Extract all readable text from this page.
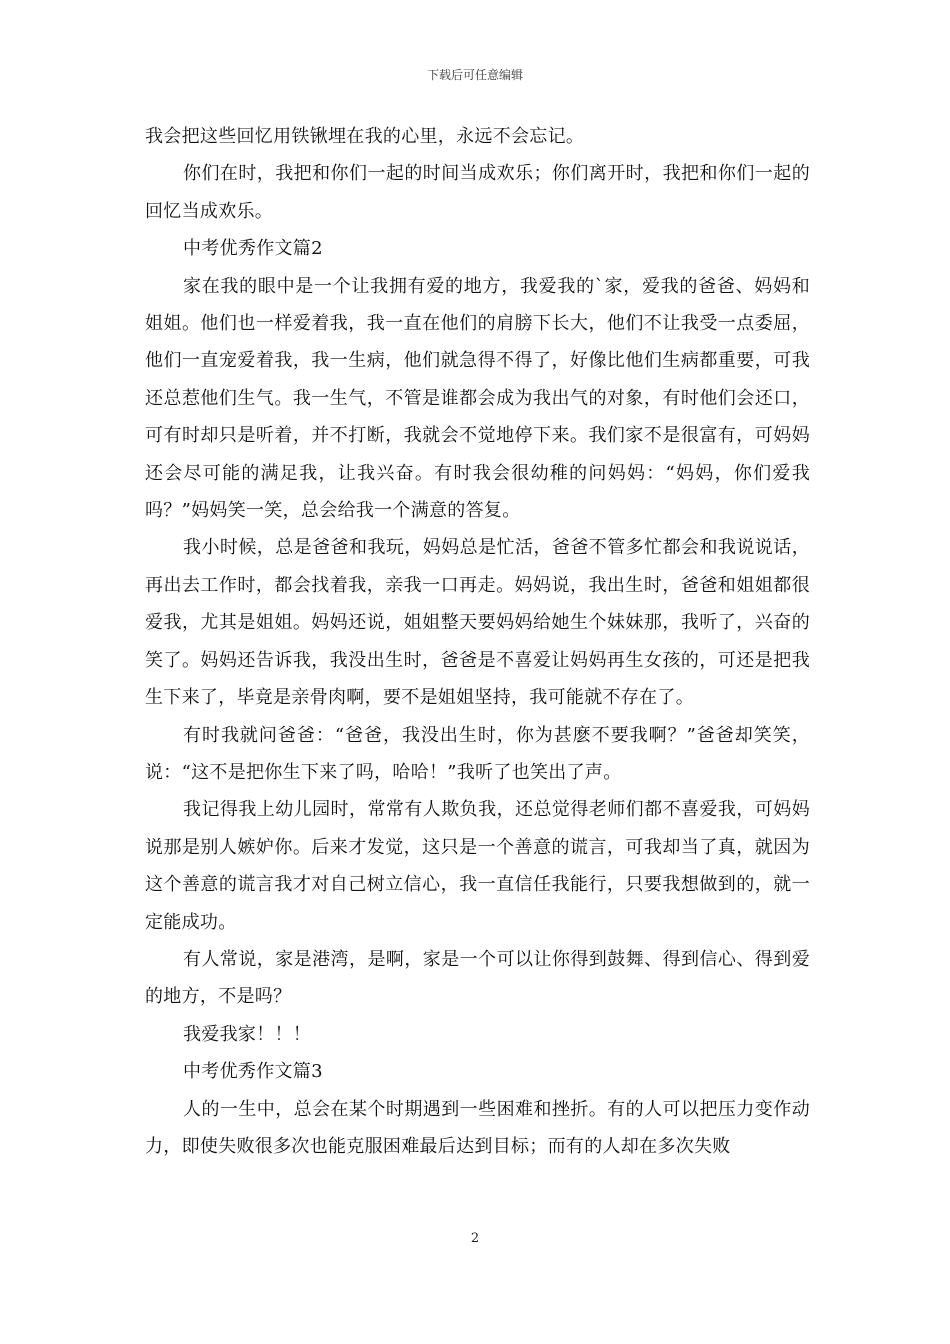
下载后可任意编辑

我会把这些回忆用铁锹埋在我的心里，永远不会忘记。

你们在时，我把和你们一起的时间当成欢乐；你们离开时，我把和你们一起的回忆当成欢乐。

中考优秀作文篇2

家在我的眼中是一个让我拥有爱的地方，我爱我的`家，爱我的爸爸、妈妈和姐姐。他们也一样爱着我，我一直在他们的肩膀下长大，他们不让我受一点委屈，他们一直宠爱着我，我一生病，他们就急得不得了，好像比他们生病都重要，可我还总惹他们生气。我一生气，不管是谁都会成为我出气的对象，有时他们会还口，可有时却只是听着，并不打断，我就会不觉地停下来。我们家不是很富有，可妈妈还会尽可能的满足我，让我兴奋。有时我会很幼稚的问妈妈：“妈妈，你们爱我吗？”妈妈笑一笑，总会给我一个满意的答复。

我小时候，总是爸爸和我玩，妈妈总是忙活，爸爸不管多忙都会和我说说话，再出去工作时，都会找着我，亲我一口再走。妈妈说，我出生时，爸爸和姐姐都很爱我，尤其是姐姐。妈妈还说，姐姐整天要妈妈给她生个妹妹那，我听了，兴奋的笑了。妈妈还告诉我，我没出生时，爸爸是不喜爱让妈妈再生女孩的，可还是把我生下来了，毕竟是亲骨肉啊，要不是姐姐坚持，我可能就不存在了。

有时我就问爸爸：“爸爸，我没出生时，你为甚麽不要我啊？”爸爸却笑笑，说：“这不是把你生下来了吗，哈哈！”我听了也笑出了声。

我记得我上幼儿园时，常常有人欺负我，还总觉得老师们都不喜爱我，可妈妈说那是别人嫉妒你。后来才发觉，这只是一个善意的谎言，可我却当了真，就因为这个善意的谎言我才对自己树立信心，我一直信任我能行，只要我想做到的，就一定能成功。

有人常说，家是港湾，是啊，家是一个可以让你得到鼓舞、得到信心、得到爱的地方，不是吗？

我爱我家！！！

中考优秀作文篇3

人的一生中，总会在某个时期遇到一些困难和挫折。有的人可以把压力变作动力，即使失败很多次也能克服困难最后达到目标；而有的人却在多次失败

2
